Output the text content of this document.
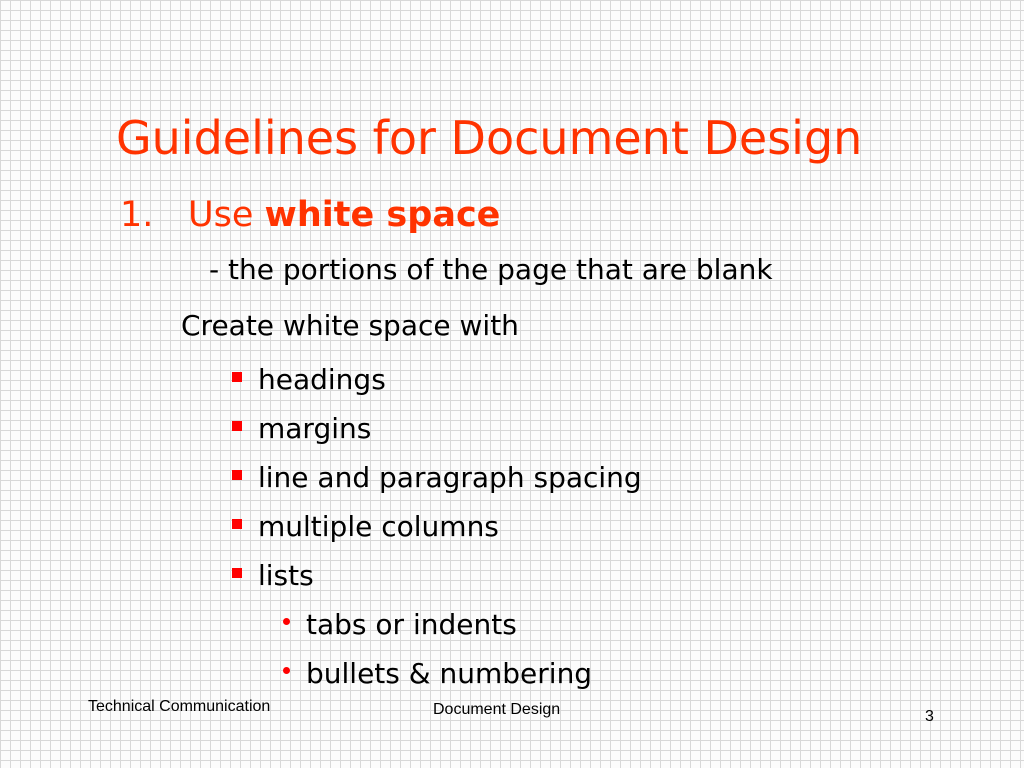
Guidelines for Document Design
1. Use white space
- the portions of the page that are blank
Create white space with
headings
margins
line and paragraph spacing
multiple columns
lists
tabs or indents
bullets & numbering
Technical Communication	Document Design	3
